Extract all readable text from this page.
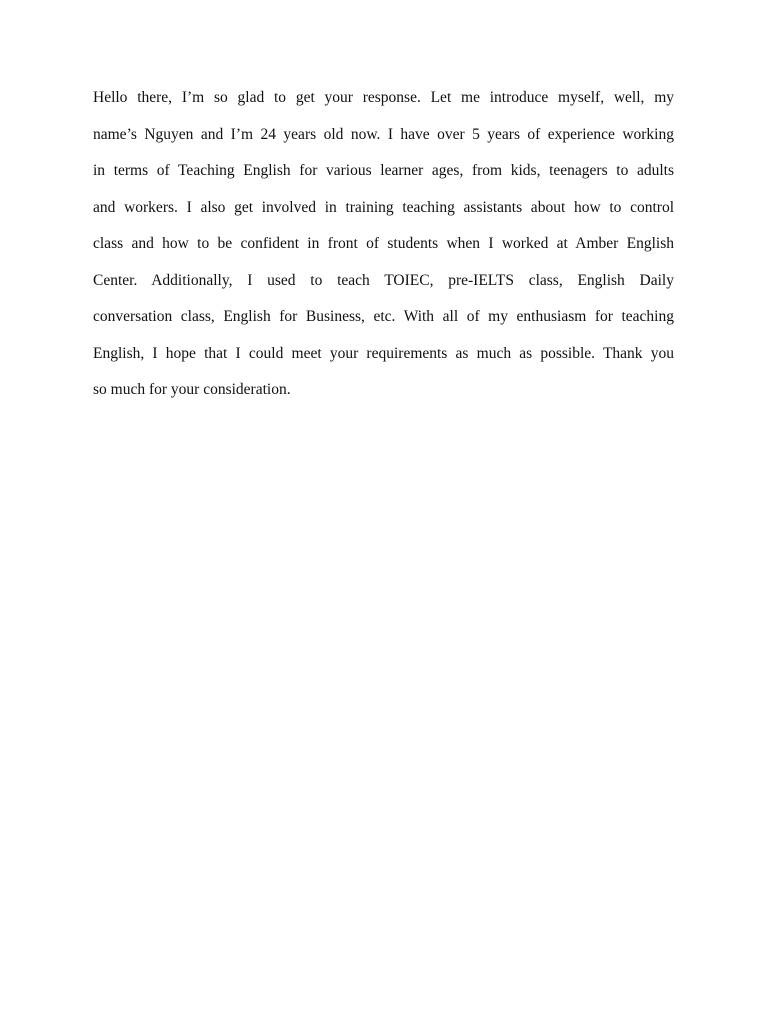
Hello there, I’m so glad to get your response. Let me introduce myself, well, my
name’s Nguyen and I’m 24 years old now. I have over 5 years of experience working
in terms of Teaching English for various learner ages, from kids, teenagers to adults
and workers. I also get involved in training teaching assistants about how to control
class and how to be confident in front of students when I worked at Amber English
Center. Additionally, I used to teach TOIEC, pre-IELTS class, English Daily
conversation class, English for Business, etc. With all of my enthusiasm for teaching
English, I hope that I could meet your requirements as much as possible. Thank you
so much for your consideration.
